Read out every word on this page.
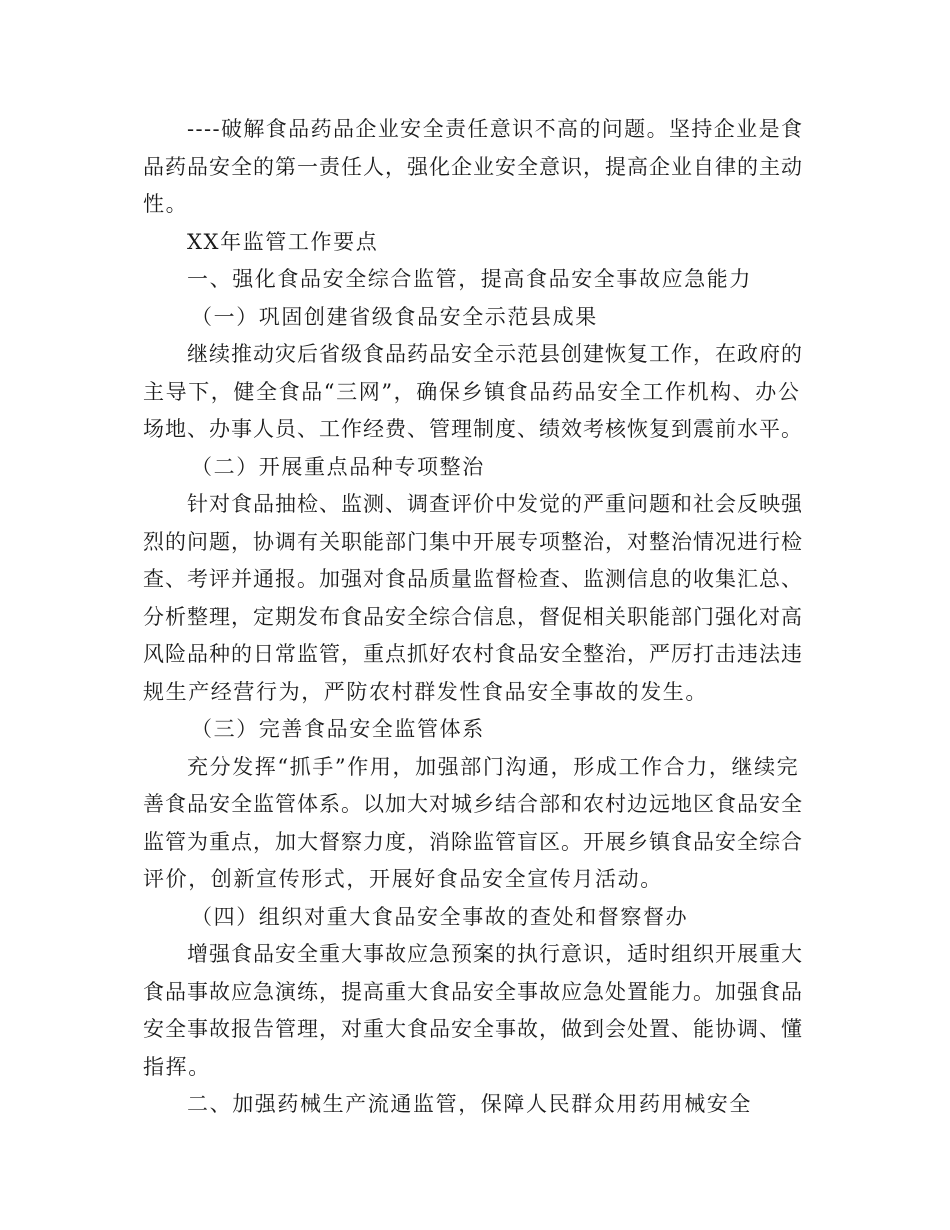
----破解食品药品企业安全责任意识不高的问题。坚持企业是食
品药品安全的第一责任人，强化企业安全意识，提高企业自律的主动
性。
XX年监管工作要点
一、强化食品安全综合监管，提高食品安全事故应急能力
（一）巩固创建省级食品安全示范县成果
继续推动灾后省级食品药品安全示范县创建恢复工作，在政府的
主导下，健全食品“三网”，确保乡镇食品药品安全工作机构、办公
场地、办事人员、工作经费、管理制度、绩效考核恢复到震前水平。
（二）开展重点品种专项整治
针对食品抽检、监测、调查评价中发觉的严重问题和社会反映强
烈的问题，协调有关职能部门集中开展专项整治，对整治情况进行检
查、考评并通报。加强对食品质量监督检查、监测信息的收集汇总、
分析整理，定期发布食品安全综合信息，督促相关职能部门强化对高
风险品种的日常监管，重点抓好农村食品安全整治，严厉打击违法违
规生产经营行为，严防农村群发性食品安全事故的发生。
（三）完善食品安全监管体系
充分发挥“抓手”作用，加强部门沟通，形成工作合力，继续完
善食品安全监管体系。以加大对城乡结合部和农村边远地区食品安全
监管为重点，加大督察力度，消除监管盲区。开展乡镇食品安全综合
评价，创新宣传形式，开展好食品安全宣传月活动。
（四）组织对重大食品安全事故的查处和督察督办
增强食品安全重大事故应急预案的执行意识，适时组织开展重大
食品事故应急演练，提高重大食品安全事故应急处置能力。加强食品
安全事故报告管理，对重大食品安全事故，做到会处置、能协调、懂
指挥。
二、加强药械生产流通监管，保障人民群众用药用械安全
